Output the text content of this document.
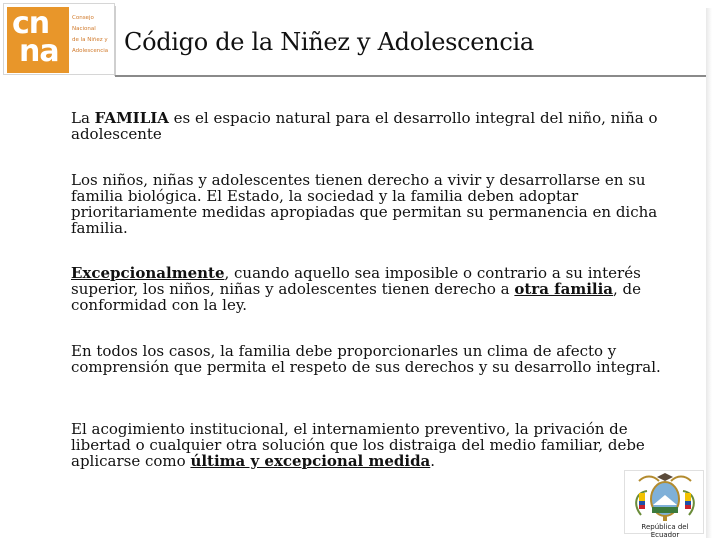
cn
na
Consejo
Nacional
de la Niñez y
Adolescencia Código de la Niñez y Adolescencia
La FAMILIA es el espacio natural para el desarrollo integral del niño, niña o adolescente
Los niños, niñas y adolescentes tienen derecho a vivir y desarrollarse en su familia biológica. El Estado, la sociedad y la familia deben adoptar prioritariamente medidas apropiadas que permitan su permanencia en dicha familia.
Excepcionalmente, cuando aquello sea imposible o contrario a su interés superior, los niños, niñas y adolescentes tienen derecho a otra familia, de conformidad con la ley.
En todos los casos, la familia debe proporcionarles un clima de afecto y comprensión que permita el respeto de sus derechos y su desarrollo integral.
El acogimiento institucional, el internamiento preventivo, la privación de libertad o cualquier otra solución que los distraiga del medio familiar, debe aplicarse como última y excepcional medida.
República del Ecuador
